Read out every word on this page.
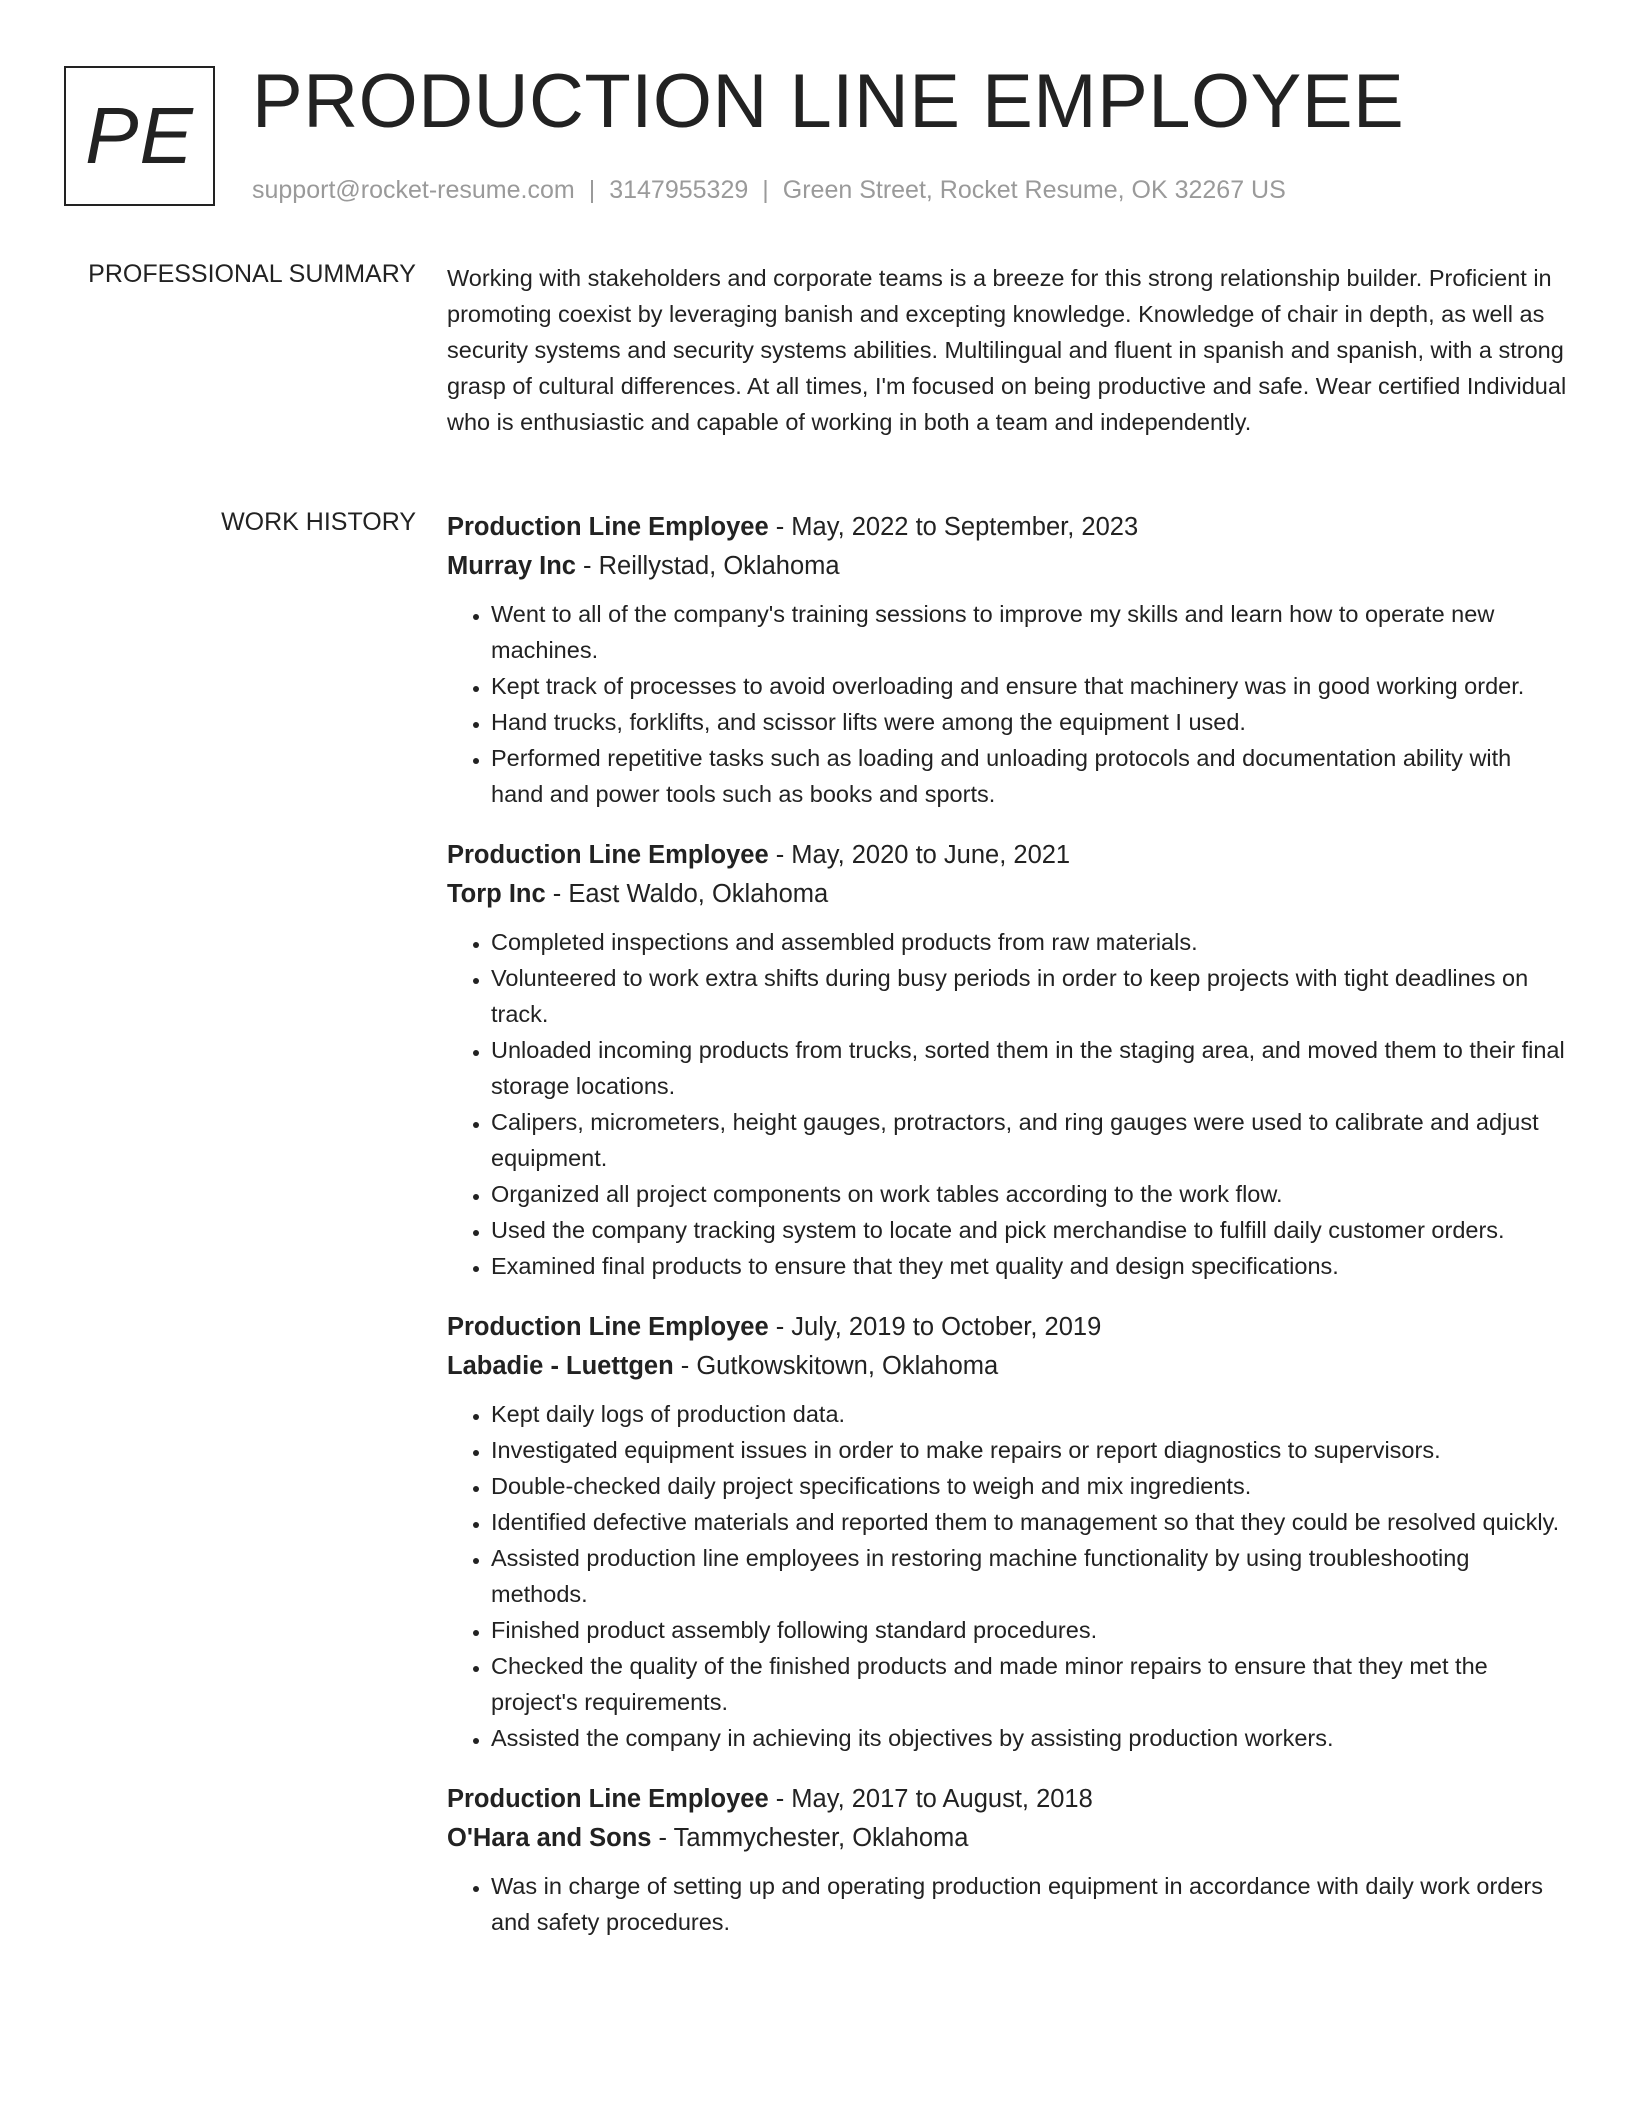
PE PRODUCTION LINE EMPLOYEE
support@rocket-resume.com | 3147955329 | Green Street, Rocket Resume, OK 32267 US
PROFESSIONAL SUMMARY Working with stakeholders and corporate teams is a breeze for this strong relationship builder. Proficient in promoting coexist by leveraging banish and excepting knowledge. Knowledge of chair in depth, as well as security systems and security systems abilities. Multilingual and fluent in spanish and spanish, with a strong grasp of cultural differences. At all times, I'm focused on being productive and safe. Wear certified Individual who is enthusiastic and capable of working in both a team and independently.

WORK HISTORY Production Line Employee - May, 2022 to September, 2023
Murray Inc - Reillystad, Oklahoma
• Went to all of the company's training sessions to improve my skills and learn how to operate new machines.
• Kept track of processes to avoid overloading and ensure that machinery was in good working order.
• Hand trucks, forklifts, and scissor lifts were among the equipment I used.
• Performed repetitive tasks such as loading and unloading protocols and documentation ability with hand and power tools such as books and sports.
Production Line Employee - May, 2020 to June, 2021
Torp Inc - East Waldo, Oklahoma
• Completed inspections and assembled products from raw materials.
• Volunteered to work extra shifts during busy periods in order to keep projects with tight deadlines on track.
• Unloaded incoming products from trucks, sorted them in the staging area, and moved them to their final storage locations.
• Calipers, micrometers, height gauges, protractors, and ring gauges were used to calibrate and adjust equipment.
• Organized all project components on work tables according to the work flow.
• Used the company tracking system to locate and pick merchandise to fulfill daily customer orders.
• Examined final products to ensure that they met quality and design specifications.
Production Line Employee - July, 2019 to October, 2019
Labadie - Luettgen - Gutkowskitown, Oklahoma
• Kept daily logs of production data.
• Investigated equipment issues in order to make repairs or report diagnostics to supervisors.
• Double-checked daily project specifications to weigh and mix ingredients.
• Identified defective materials and reported them to management so that they could be resolved quickly.
• Assisted production line employees in restoring machine functionality by using troubleshooting methods.
• Finished product assembly following standard procedures.
• Checked the quality of the finished products and made minor repairs to ensure that they met the project's requirements.
• Assisted the company in achieving its objectives by assisting production workers.
Production Line Employee - May, 2017 to August, 2018
O'Hara and Sons - Tammychester, Oklahoma
• Was in charge of setting up and operating production equipment in accordance with daily work orders and safety procedures.
